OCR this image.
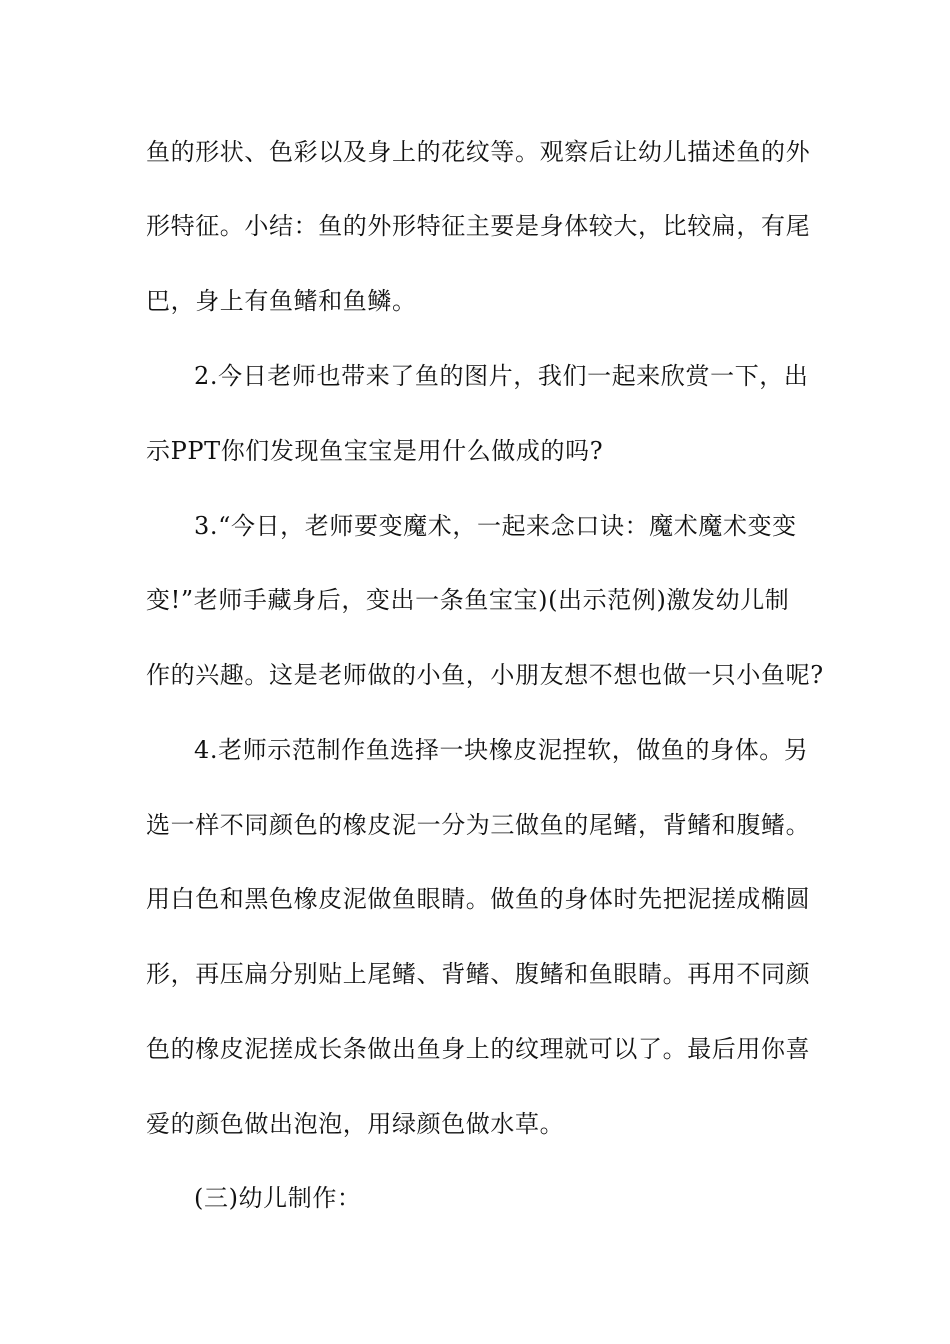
鱼的形状、色彩以及身上的花纹等。观察后让幼儿描述鱼的外
形特征。小结：鱼的外形特征主要是身体较大，比较扁，有尾
巴，身上有鱼鳍和鱼鳞。
2.今日老师也带来了鱼的图片，我们一起来欣赏一下，出
示PPT你们发现鱼宝宝是用什么做成的吗?
3.“今日，老师要变魔术，一起来念口诀：魔术魔术变变
变!”老师手藏身后，变出一条鱼宝宝)(出示范例)激发幼儿制
作的兴趣。这是老师做的小鱼，小朋友想不想也做一只小鱼呢?
4.老师示范制作鱼选择一块橡皮泥捏软，做鱼的身体。另
选一样不同颜色的橡皮泥一分为三做鱼的尾鳍，背鳍和腹鳍。
用白色和黑色橡皮泥做鱼眼睛。做鱼的身体时先把泥搓成椭圆
形，再压扁分别贴上尾鳍、背鳍、腹鳍和鱼眼睛。再用不同颜
色的橡皮泥搓成长条做出鱼身上的纹理就可以了。最后用你喜
爱的颜色做出泡泡，用绿颜色做水草。
(三)幼儿制作：
